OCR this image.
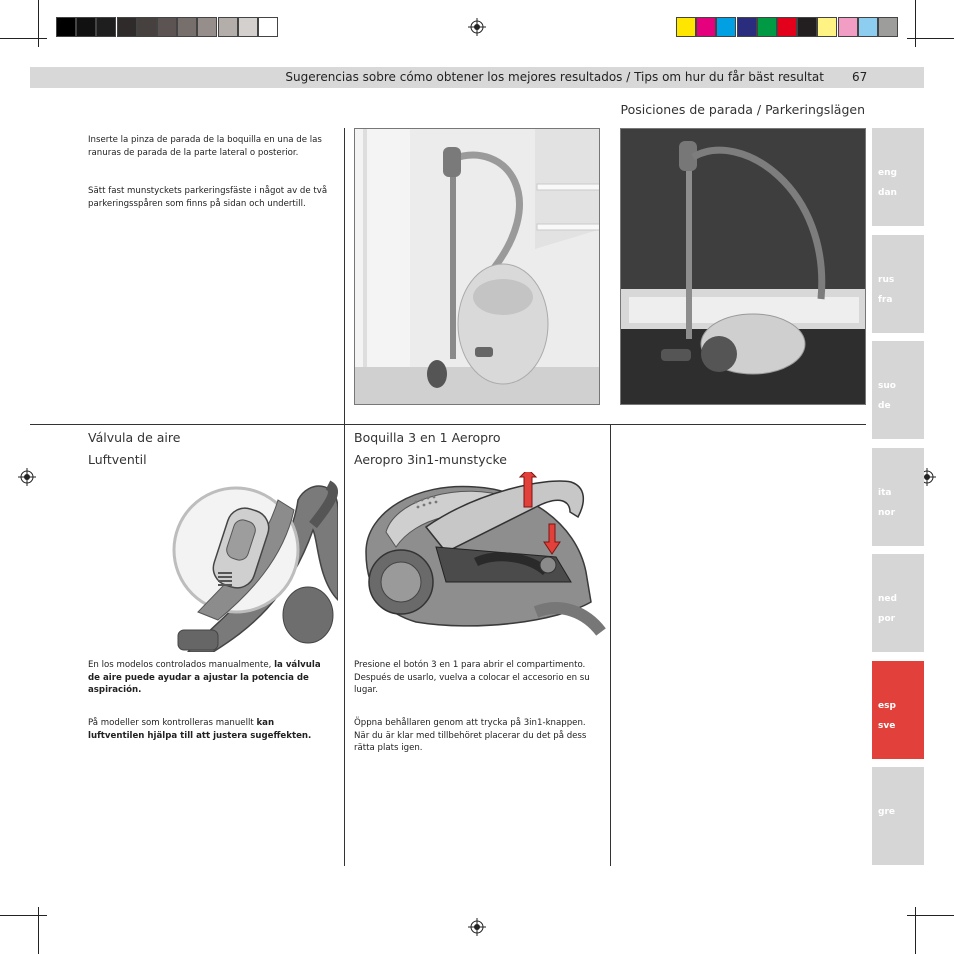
Sugerencias sobre cómo obtener los mejores resultados / Tips om hur du får bäst resultat 67
Posiciones de parada / Parkeringslägen
Inserte la pinza de parada de la boquilla en una de las ranuras de parada de la parte lateral o posterior.
Sätt fast munstyckets parkeringsfäste i något av de två parkeringsspåren som finns på sidan och undertill.
Válvula de aire
Luftventil
En los modelos controlados manualmente, la válvula de aire puede ayudar a ajustar la potencia de aspiración.
På modeller som kontrolleras manuellt kan luftventilen hjälpa till att justera sugeffekten.
Boquilla 3 en 1 Aeropro
Aeropro 3in1-munstycke
Presione el botón 3 en 1 para abrir el compartimento. Después de usarlo, vuelva a colocar el accesorio en su lugar.
Öppna behållaren genom att trycka på 3in1-knappen. När du är klar med tillbehöret placerar du det på dess rätta plats igen.
eng
dan
rus
fra
suo
de
ita
nor
ned
por
esp
sve
gre
